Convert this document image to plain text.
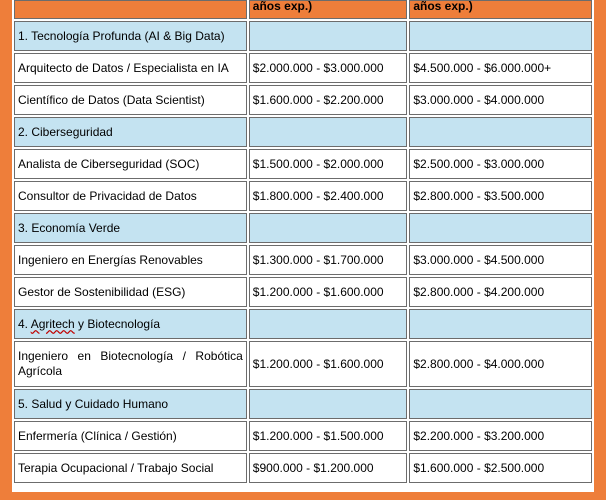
	años exp.)	años exp.)
1. Tecnología Profunda (AI & Big Data)		
Arquitecto de Datos / Especialista en IA	$2.000.000 - $3.000.000	$4.500.000 - $6.000.000+
Científico de Datos (Data Scientist)	$1.600.000 - $2.200.000	$3.000.000 - $4.000.000
2. Ciberseguridad		
Analista de Ciberseguridad (SOC)	$1.500.000 - $2.000.000	$2.500.000 - $3.000.000
Consultor de Privacidad de Datos	$1.800.000 - $2.400.000	$2.800.000 - $3.500.000
3. Economía Verde		
Ingeniero en Energías Renovables	$1.300.000 - $1.700.000	$3.000.000 - $4.500.000
Gestor de Sostenibilidad (ESG)	$1.200.000 - $1.600.000	$2.800.000 - $4.200.000
4. Agritech y Biotecnología		
Ingeniero en Biotecnología / Robótica Agrícola	$1.200.000 - $1.600.000	$2.800.000 - $4.000.000
5. Salud y Cuidado Humano		
Enfermería (Clínica / Gestión)	$1.200.000 - $1.500.000	$2.200.000 - $3.200.000
Terapia Ocupacional / Trabajo Social	$900.000 - $1.200.000	$1.600.000 - $2.500.000
